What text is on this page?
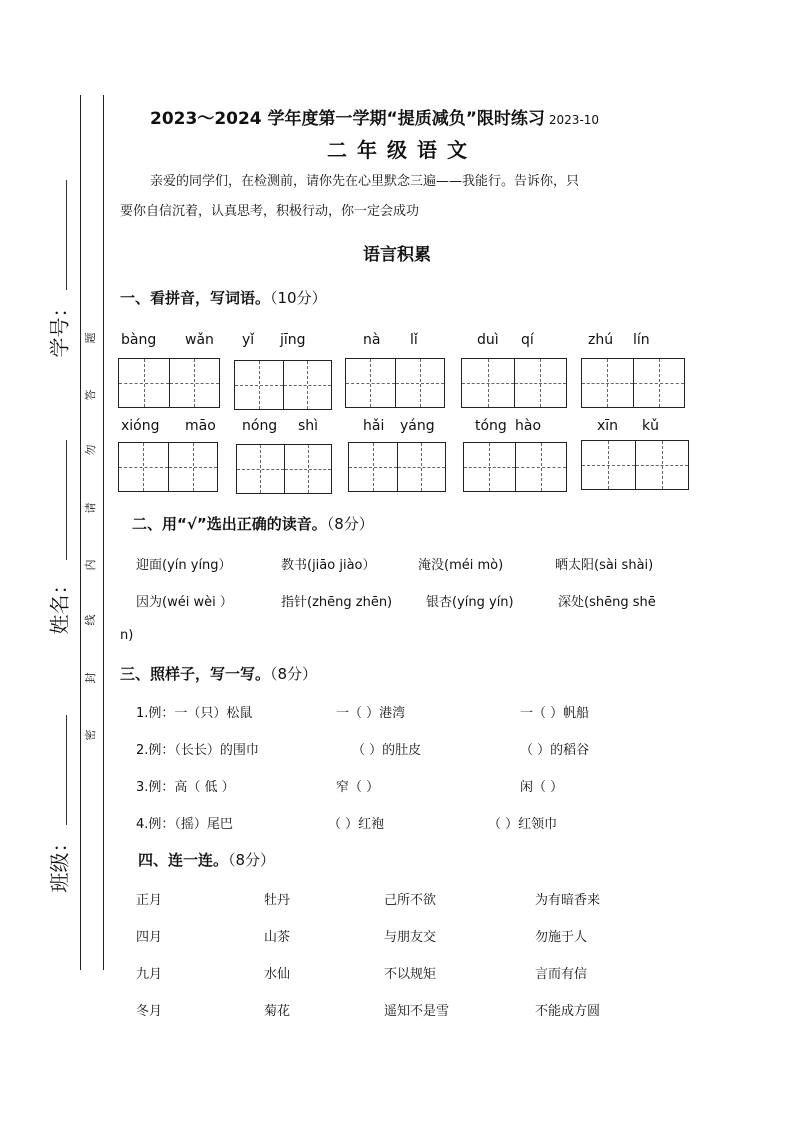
学号：
姓名：
班级：
题
答
勿
请
内
线
封
密
2023～2024 学年度第一学期“提质减负”限时练习 2023-10
二年级语文
亲爱的同学们，在检测前，请你先在心里默念三遍——我能行。告诉你，只
要你自信沉着，认真思考，积极行动，你一定会成功
语言积累
一、看拼音，写词语。（10分）
bàng wǎn yǐ jīng	nà lǐ	duì qí	zhú lín
xióng māo nóng shì	hǎi yáng	tóng hào	xīn kǔ
二、用“√”选出正确的读音。（8分）
迎面(yín yíng）	教书(jiāo jiào）	淹没(méi mò)	晒太阳(sài shài)
因为(wéi wèi ）	指针(zhēng zhēn)	银杏(yíng yín)	深处(shēng shē
n)
三、照样子，写一写。（8分）
1.例：一（只）松鼠	一（ ）港湾	一（ ）帆船
2.例：（长长）的围巾	（ ）的肚皮	（ ）的稻谷
3.例：高（ 低 ）	窄（ ）	闲（ ）
4.例：（摇）尾巴	（ ）红袍	（ ）红领巾
四、连一连。（8分）
正月	牡丹	己所不欲	为有暗香来
四月	山茶	与朋友交	勿施于人
九月	水仙	不以规矩	言而有信
冬月	菊花	遥知不是雪	不能成方圆
